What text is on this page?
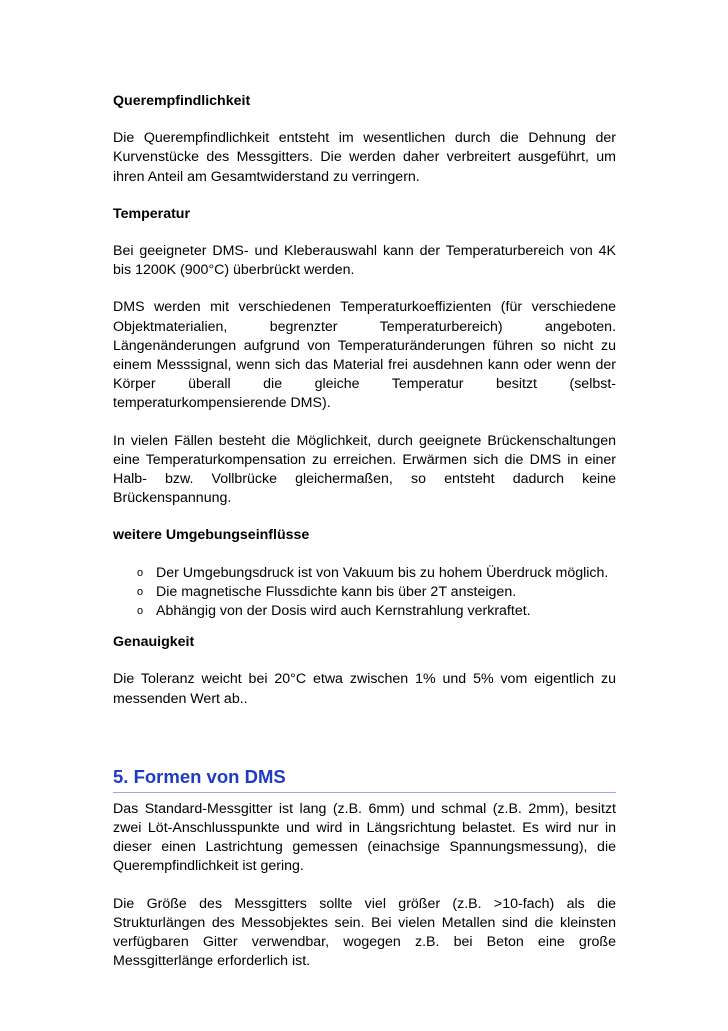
Querempfindlichkeit

Die Querempfindlichkeit entsteht im wesentlichen durch die Dehnung der Kurvenstücke des Messgitters. Die werden daher verbreitert ausgeführt, um ihren Anteil am Gesamtwiderstand zu verringern.

Temperatur

Bei geeigneter DMS- und Kleberauswahl kann der Temperaturbereich von 4K bis 1200K (900°C) überbrückt werden.

DMS werden mit verschiedenen Temperaturkoeffizienten (für verschiedene Objektmaterialien, begrenzter Temperaturbereich) angeboten. Längenänderungen aufgrund von Temperaturänderungen führen so nicht zu einem Messsignal, wenn sich das Material frei ausdehnen kann oder wenn der Körper überall die gleiche Temperatur besitzt (selbst-temperaturkompensierende DMS).

In vielen Fällen besteht die Möglichkeit, durch geeignete Brückenschaltungen eine Temperaturkompensation zu erreichen. Erwärmen sich die DMS in einer Halb- bzw. Vollbrücke gleichermaßen, so entsteht dadurch keine Brückenspannung.

weitere Umgebungseinflüsse
o Der Umgebungsdruck ist von Vakuum bis zu hohem Überdruck möglich.
o Die magnetische Flussdichte kann bis über 2T ansteigen.
o Abhängig von der Dosis wird auch Kernstrahlung verkraftet.
Genauigkeit

Die Toleranz weicht bei 20°C etwa zwischen 1% und 5% vom eigentlich zu messenden Wert ab..

5. Formen von DMS

Das Standard-Messgitter ist lang (z.B. 6mm) und schmal (z.B. 2mm), besitzt zwei Löt-Anschlusspunkte und wird in Längsrichtung belastet. Es wird nur in dieser einen Lastrichtung gemessen (einachsige Spannungsmessung), die Querempfindlichkeit ist gering.

Die Größe des Messgitters sollte viel größer (z.B. >10-fach) als die Strukturlängen des Messobjektes sein. Bei vielen Metallen sind die kleinsten verfügbaren Gitter verwendbar, wogegen z.B. bei Beton eine große Messgitterlänge erforderlich ist.
